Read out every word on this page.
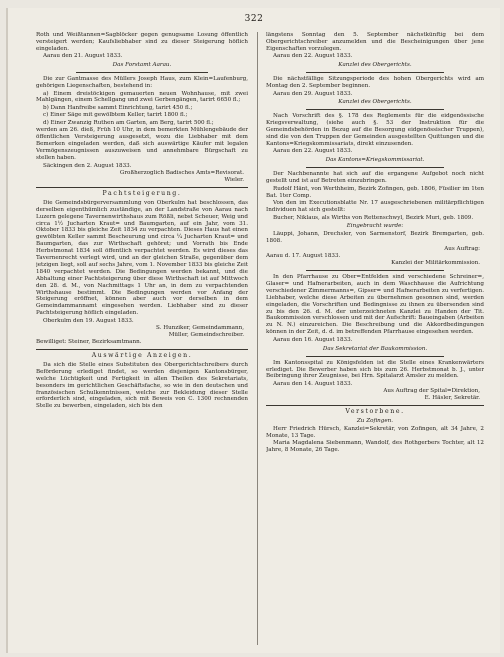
322

Roth und Weißtannen=Sagblöcker gegen genugsame Losung öffentlich versteigert werden; Kaufsliebhaber sind zu dieser Steigerung höflich eingeladen.

Aarau den 21. August 1833.

Das Forstamt Aarau.

Die zur Gantmasse des Müllers Joseph Haus, zum Klein=Laufenburg, gehörigen Liegenschaften, bestehend in:

a) Einem dreistöckigen gemauerten neuen Wohnhause, mit zwei Mahlgängen, einem Schellgang und zwei Gerbengängen, tarirt 6650 fl.;

b) Dann Hanfreibe sammt Einrichtung, tarirt 450 fl.;

c) Einer Säge mit gewölbtem Keller, tarirt 1800 fl.;

d) Einer Zwanzig Ruthen am Garten, am Berg, tarirt 500 fl.;

werden am 26. dieß, Früh 10 Uhr, in dem bemerkten Mühlengebäude der öffentlichen Versteigerung ausgesetzt, wozu die Liebhaber mit dem Bemerken eingeladen werden, daß sich auswärtige Käufer mit legalen Vermögenszeugnissen auszuweisen und annehmbare Bürgschaft zu stellen haben.

Säckingen den 2. August 1833.

Großherzoglich Badisches Amts=Revisorat.
Wieler.
Pachtsteigerung.

Die Gemeindsbürgerversammlung von Oberkulm hat beschlossen, das derselben eigenthümlich zuständige, an der Landstraße von Aarau nach Luzern gelegene Tavernenwirthshaus zum Rößli, nebst Scheuer, Weig und circa 1½ Jucharten Kraut= und Baumgarten, auf ein Jahr, vom 31. Oktober 1833 bis gleiche Zeit 1834 zu verpachten. Dieses Haus hat einen gewölbten Keller sammt Bescheurung und circa ¼ Jucharten Kraut= und Baumgarten, das zur Wirthschaft gehöret; und Vorrath bis Ende Herbstmonat 1834 soll öffentlich verpachtet werden. Es wird dieses das Tavernenrecht verlegt wird, und an der gleichen Straße, gegenüber dem jetzigen liegt, soll auf sechs Jahre, vom 1. November 1833 bis gleiche Zeit 1840 verpachtet werden. Die Bedingungen werden bekannt, und die Abhaltung einer Pachtsteigerung über diese Wirthschaft ist auf Mittwoch den 28. d. M., von Nachmittags 1 Uhr an, in dem zu verpachtenden Wirthshause bestimmt. Die Bedingungen werden vor Anfang der Steigerung eröffnet, können aber auch vor derselben in dem Gemeindammannamt eingesehen werden. Liebhaber sind zu dieser Pachtsteigerung höflich eingeladen.

Oberkulm den 19. August 1833.

S. Hunziker, Gemeindammann,
Müller, Gemeindschreiber.

Bewilliget: Steiner, Bezirksamtmann.

Auswärtige Anzeigen.

Da sich die Stelle eines Substituten des Obergerichtschreibers durch Beförderung erlediget findet, so werden diejenigen Kantonsbürger, welche Lüchtigkeit und Fertigkeit in allen Theilen des Sekretariats, besonders im gerichtlichen Geschäftsfache, so wie in den deutschen und französischen Schulkenntnissen, welche zur Bekleidung dieser Stelle erforderlich sind, eingeladen, sich mit Beweis von C. 1300 rechnenden Stelle zu bewerben, eingeladen, sich bis den

längstens Sonntag den 5. September nächstkünftig bei dem Obergerichtschreiber anzumelden und die Bescheinigungen über jene Eigenschaften vorzulegen.

Aarau den 22. August 1833.

Kanzlei des Obergerichts.

Die nächstfällige Sitzungsperiode des hohen Obergerichts wird am Montag den 2. September beginnen.

Aarau den 29. August 1833.

Kanzlei des Obergerichts.

Nach Vorschrift des §. 178 des Reglements für die eidgenössische Kriegsverwaltung, (siehe auch §. 53 der Instruktion für die Gemeindsbehörden in Bezug auf die Besorgung eidgenössischer Truppen), sind die von den Truppen der Gemeinden ausgestellten Quittungen und die Kantons=Kriegskommissariats, direkt einzusenden.

Aarau den 22. August 1833.

Das Kantons=Kriegskommissariat.

Der Nachbenannte hat sich auf die ergangene Aufgebot noch nicht gestellt und ist auf Betreten einzubringen.

Rudolf Hänt, von Werthheim, Bezirk Zofingen, geb. 1806, Füsilier im 1ten Bat. 1ter Comp.

Von den im Executionsblatte Nr. 17 ausgeschriebenen militärpflichtigen Individuen hat sich gestellt:

Bucher, Niklaus, als Wirths von Rettenschwyl, Bezirk Muri, geb. 1809.

Eingebracht wurde:

Läuppi, Johann, Drechsler, von Sarmenstorf, Bezirk Bremgarten, geb. 1808.

Aus Auftrag:

Aarau d. 17. August 1833.

Kanzlei der Militärkommission.

In den Pfarrhause zu Ober=Entfelden sind verschiedene Schreiner=, Glaser= und Hafnerarbeiten, auch in dem Waschhause die Aufrichtung verschiedener Zimmermanns=, Gipser= und Hafnerarbeiten zu verfertigen. Liebhaber, welche diese Arbeiten zu übernehmen gesonnen sind, werden eingeladen, die Vorschriften und Bedingnisse zu ihnen zu übersenden sind zu bis den 26. d. M. der unterzeichneten Kanzlei zu Handen der Tit. Baukommission verschlossen und mit der Aufschrift: Baueingaben (Arbeiten zu N. N.) einzureichen. Die Beschreibung und die Akkordbedingungen können in der Zeit, d. d. im betreffenden Pfarrhause eingesehen werden.

Aarau den 16. August 1833.

Das Sekretariat der Baukommission.

Im Kantonsspital zu Königsfelden ist die Stelle eines Krankenwärters erlediget. Die Bewerber haben sich bis zum 26. Herbstmonat b. J., unter Beibringung ihrer Zeugnisse, bei Hrn. Spitalarzt Amsler zu melden.

Aarau den 14. August 1833.

Aus Auftrag der Spital=Direktion,
E. Häsler, Sekretär.
Verstorbene.
Zu Zofingen.

Herr Friedrich Hürsch, Kanzlei=Sekretär, von Zofingen, alt 34 Jahre, 2 Monate, 13 Tage.

Maria Magdalena Siebenmann, Wandolf, des Rothgerbers Tochter, alt 12 Jahre, 8 Monate, 26 Tage.
